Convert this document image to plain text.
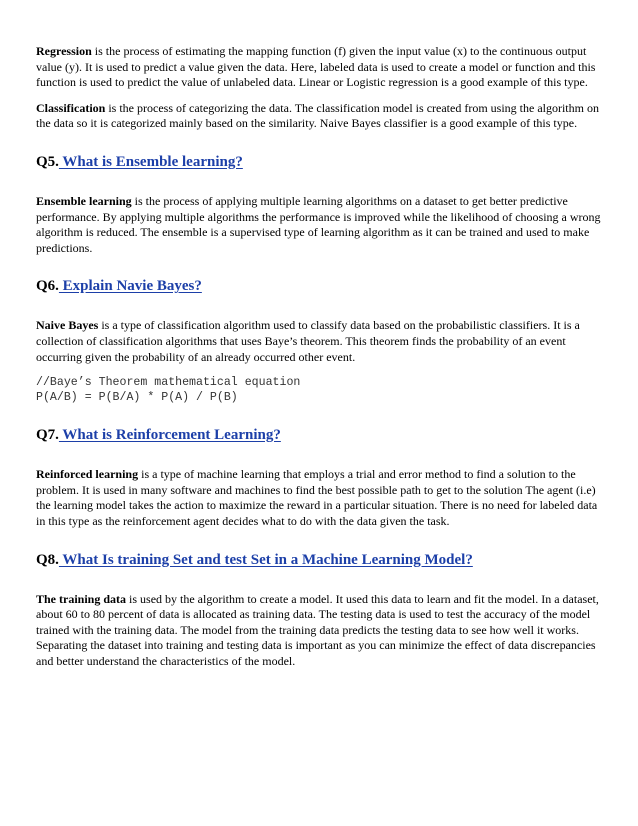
Regression is the process of estimating the mapping function (f) given the input value (x) to the continuous output value (y). It is used to predict a value given the data. Here, labeled data is used to create a model or function and this function is used to predict the value of unlabeled data. Linear or Logistic regression is a good example of this type.

Classification is the process of categorizing the data. The classification model is created from using the algorithm on the data so it is categorized mainly based on the similarity. Naive Bayes classifier is a good example of this type.

Q5. What is Ensemble learning?

Ensemble learning is the process of applying multiple learning algorithms on a dataset to get better predictive performance. By applying multiple algorithms the performance is improved while the likelihood of choosing a wrong algorithm is reduced. The ensemble is a supervised type of learning algorithm as it can be trained and used to make predictions.

Q6. Explain Navie Bayes?

Naive Bayes is a type of classification algorithm used to classify data based on the probabilistic classifiers. It is a collection of classification algorithms that uses Baye’s theorem. This theorem finds the probability of an event occurring given the probability of an already occurred other event.

//Baye’s Theorem mathematical equation
P(A/B) = P(B/A) * P(A) / P(B)
Q7. What is Reinforcement Learning?

Reinforced learning is a type of machine learning that employs a trial and error method to find a solution to the problem. It is used in many software and machines to find the best possible path to get to the solution The agent (i.e) the learning model takes the action to maximize the reward in a particular situation. There is no need for labeled data in this type as the reinforcement agent decides what to do with the data given the task.

Q8. What Is training Set and test Set in a Machine Learning Model?

The training data is used by the algorithm to create a model. It used this data to learn and fit the model. In a dataset, about 60 to 80 percent of data is allocated as training data. The testing data is used to test the accuracy of the model trained with the training data. The model from the training data predicts the testing data to see how well it works. Separating the dataset into training and testing data is important as you can minimize the effect of data discrepancies and better understand the characteristics of the model.
